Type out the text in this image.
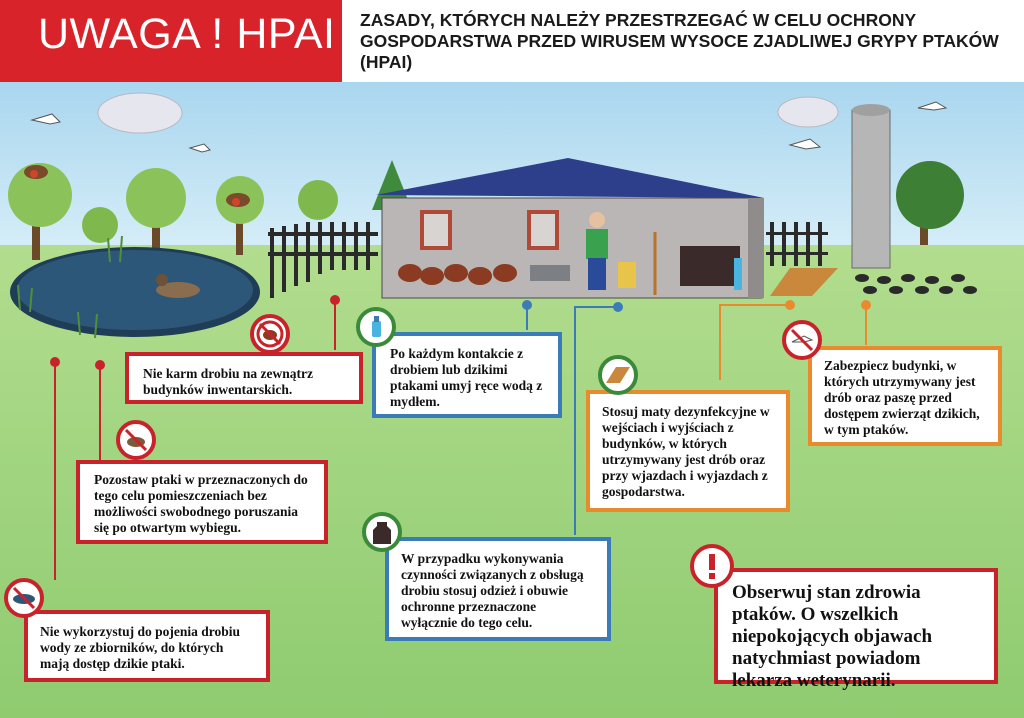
UWAGA ! HPAI ZASADY, KTÓRYCH NALEŻY PRZESTRZEGAĆ W CELU OCHRONY GOSPODARSTWA PRZED WIRUSEM WYSOCE ZJADLIWEJ GRYPY PTAKÓW (HPAI)
Nie karm drobiu na zewnątrz budynków inwentarskich.
Po każdym kontakcie z drobiem lub dzikimi ptakami umyj ręce wodą z mydłem.
Stosuj maty dezynfekcyjne w wejściach i wyjściach z budynków, w których utrzymywany jest drób oraz przy wjazdach i wyjazdach z gospodarstwa.
Zabezpiecz budynki, w których utrzymywany jest drób oraz paszę przed dostępem zwierząt dzikich, w tym ptaków.
Pozostaw ptaki w przeznaczonych do tego celu pomieszczeniach bez możliwości swobodnego poruszania się po otwartym wybiegu.
W przypadku wykonywania czynności związanych z obsługą drobiu stosuj odzież i obuwie ochronne przeznaczone wyłącznie do tego celu.
Nie wykorzystuj do pojenia drobiu wody ze zbiorników, do których mają dostęp dzikie ptaki.
Obserwuj stan zdrowia ptaków. O wszelkich niepokojących objawach natychmiast powiadom lekarza weterynarii.
